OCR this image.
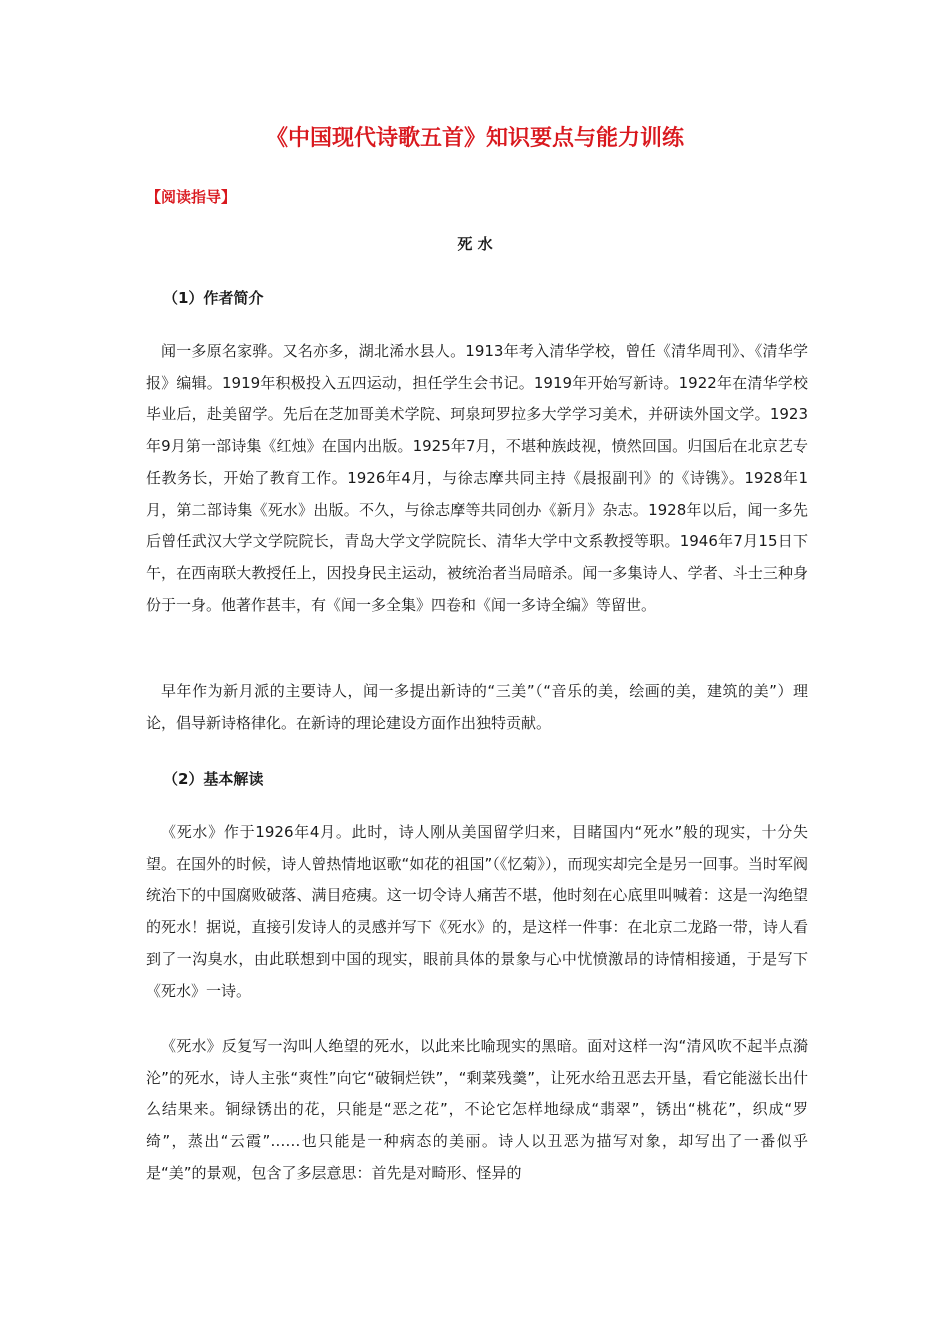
《中国现代诗歌五首》知识要点与能力训练
【阅读指导】
死 水
（1）作者简介

闻一多原名家骅。又名亦多，湖北浠水县人。1913年考入清华学校，曾任《清华周刊》、《清华学报》编辑。1919年积极投入五四运动，担任学生会书记。1919年开始写新诗。1922年在清华学校毕业后，赴美留学。先后在芝加哥美术学院、珂泉珂罗拉多大学学习美术，并研读外国文学。1923年9月第一部诗集《红烛》在国内出版。1925年7月，不堪种族歧视，愤然回国。归国后在北京艺专任教务长，开始了教育工作。1926年4月，与徐志摩共同主持《晨报副刊》的《诗镌》。1928年1月，第二部诗集《死水》出版。不久，与徐志摩等共同创办《新月》杂志。1928年以后，闻一多先后曾任武汉大学文学院院长，青岛大学文学院院长、清华大学中文系教授等职。1946年7月15日下午，在西南联大教授任上，因投身民主运动，被统治者当局暗杀。闻一多集诗人、学者、斗士三种身份于一身。他著作甚丰，有《闻一多全集》四卷和《闻一多诗全编》等留世。

早年作为新月派的主要诗人，闻一多提出新诗的“三美”（“音乐的美，绘画的美，建筑的美”）理论，倡导新诗格律化。在新诗的理论建设方面作出独特贡献。

（2）基本解读

《死水》作于1926年4月。此时，诗人刚从美国留学归来，目睹国内“死水”般的现实，十分失望。在国外的时候，诗人曾热情地讴歌“如花的祖国”（《忆菊》），而现实却完全是另一回事。当时军阀统治下的中国腐败破落、满目疮痍。这一切令诗人痛苦不堪，他时刻在心底里叫喊着：这是一沟绝望的死水！据说，直接引发诗人的灵感并写下《死水》的，是这样一件事：在北京二龙路一带，诗人看到了一沟臭水，由此联想到中国的现实，眼前具体的景象与心中忧愤激昂的诗情相接通，于是写下《死水》一诗。

《死水》反复写一沟叫人绝望的死水，以此来比喻现实的黑暗。面对这样一沟“清风吹不起半点漪沦”的死水，诗人主张“爽性”向它“破铜烂铁”，“剩菜残羹”，让死水给丑恶去开垦，看它能滋长出什么结果来。铜绿锈出的花，只能是“恶之花”，不论它怎样地绿成“翡翠”，锈出“桃花”，织成“罗绮”，蒸出“云霞”……也只能是一种病态的美丽。诗人以丑恶为描写对象，却写出了一番似乎是“美”的景观，包含了多层意思：首先是对畸形、怪异的
